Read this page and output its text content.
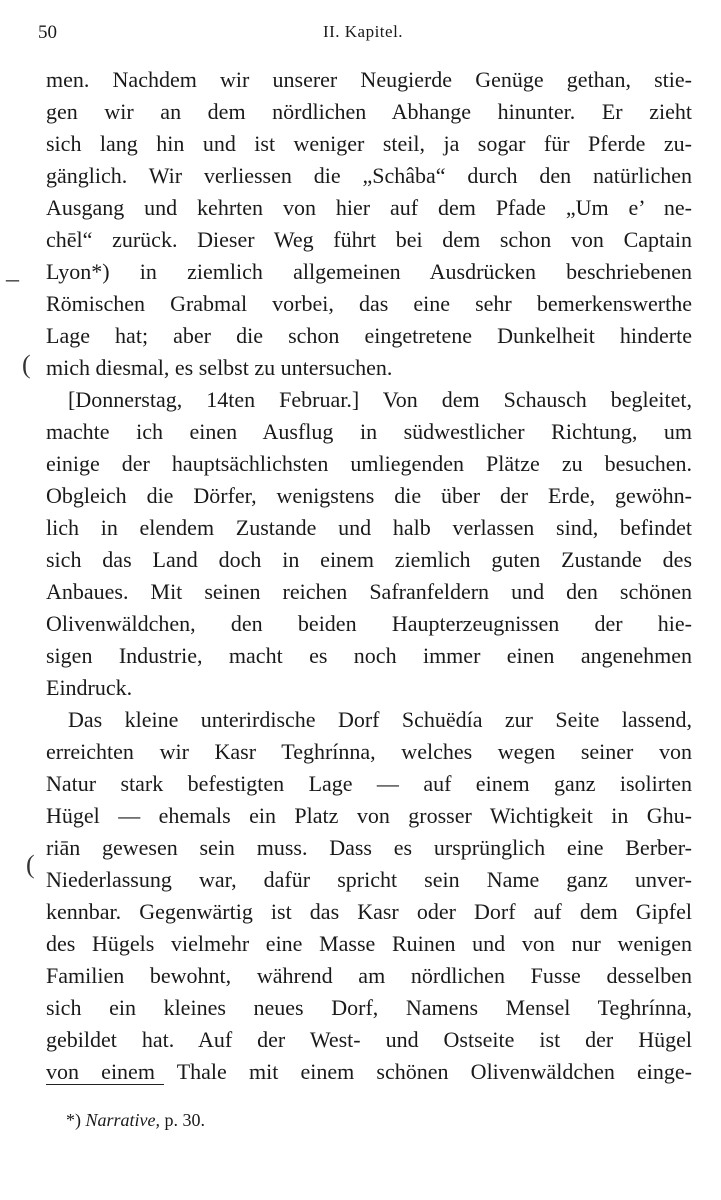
50	II. Kapitel.
men. Nachdem wir unserer Neugierde Genüge gethan, stie-
gen wir an dem nördlichen Abhange hinunter. Er zieht
sich lang hin und ist weniger steil, ja sogar für Pferde zu-
gänglich. Wir verliessen die „Schâba“ durch den natürlichen
Ausgang und kehrten von hier auf dem Pfade „Um e’ ne-
chēl“ zurück. Dieser Weg führt bei dem schon von Captain
Lyon*) in ziemlich allgemeinen Ausdrücken beschriebenen
Römischen Grabmal vorbei, das eine sehr bemerkenswerthe
Lage hat; aber die schon eingetretene Dunkelheit hinderte
mich diesmal, es selbst zu untersuchen.
[Donnerstag, 14ten Februar.] Von dem Schausch begleitet,
machte ich einen Ausflug in südwestlicher Richtung, um
einige der hauptsächlichsten umliegenden Plätze zu besuchen.
Obgleich die Dörfer, wenigstens die über der Erde, gewöhn-
lich in elendem Zustande und halb verlassen sind, befindet
sich das Land doch in einem ziemlich guten Zustande des
Anbaues. Mit seinen reichen Safranfeldern und den schönen
Olivenwäldchen, den beiden Haupterzeugnissen der hie-
sigen Industrie, macht es noch immer einen angenehmen
Eindruck.
Das kleine unterirdische Dorf Schuëdía zur Seite lassend,
erreichten wir Kasr Teghrínna, welches wegen seiner von
Natur stark befestigten Lage — auf einem ganz isolirten
Hügel — ehemals ein Platz von grosser Wichtigkeit in Ghu-
riān gewesen sein muss. Dass es ursprünglich eine Berber-
Niederlassung war, dafür spricht sein Name ganz unver-
kennbar. Gegenwärtig ist das Kasr oder Dorf auf dem Gipfel
des Hügels vielmehr eine Masse Ruinen und von nur wenigen
Familien bewohnt, während am nördlichen Fusse desselben
sich ein kleines neues Dorf, Namens Mensel Teghrínna,
gebildet hat. Auf der West- und Ostseite ist der Hügel
von einem Thale mit einem schönen Olivenwäldchen einge-
–
(
(
*) Narrative, p. 30.
